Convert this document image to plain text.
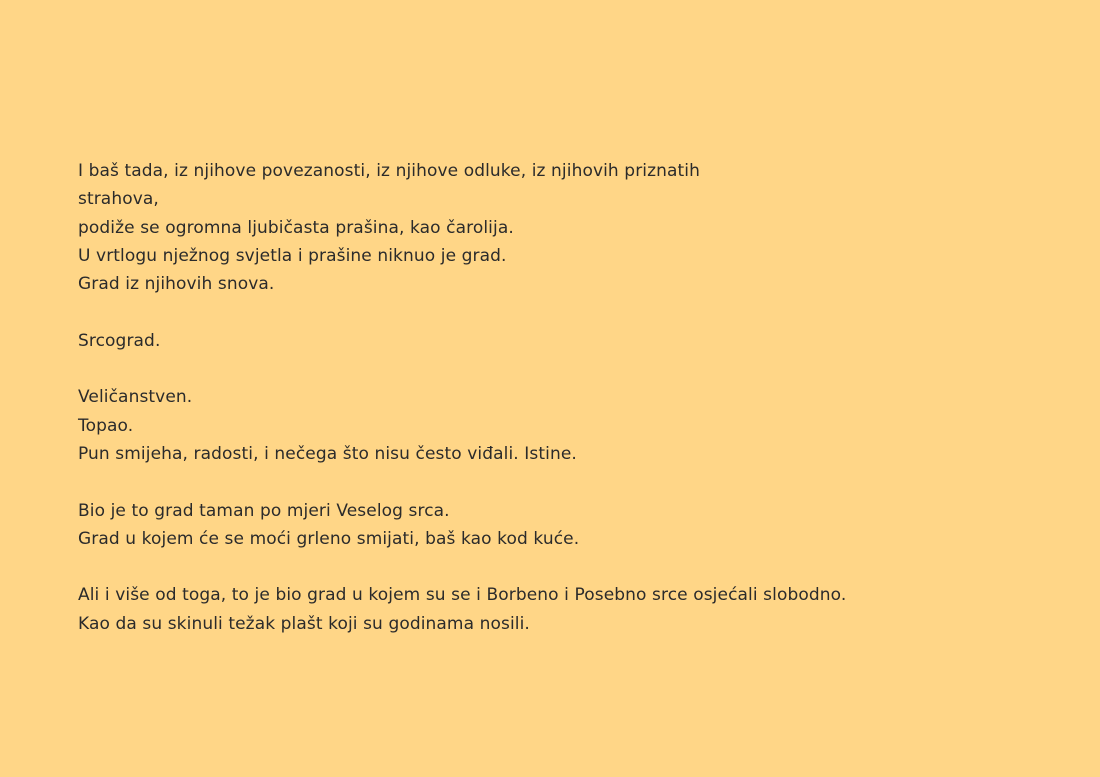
I baš tada, iz njihove povezanosti, iz njihove odluke, iz njihovih priznatih
strahova,
podiže se ogromna ljubičasta prašina, kao čarolija.
U vrtlogu nježnog svjetla i prašine niknuo je grad.
Grad iz njihovih snova.
Srcograd.
Veličanstven.
Topao.
Pun smijeha, radosti, i nečega što nisu često viđali. Istine.
Bio je to grad taman po mjeri Veselog srca.
Grad u kojem će se moći grleno smijati, baš kao kod kuće.
Ali i više od toga, to je bio grad u kojem su se i Borbeno i Posebno srce osjećali slobodno.
Kao da su skinuli težak plašt koji su godinama nosili.
